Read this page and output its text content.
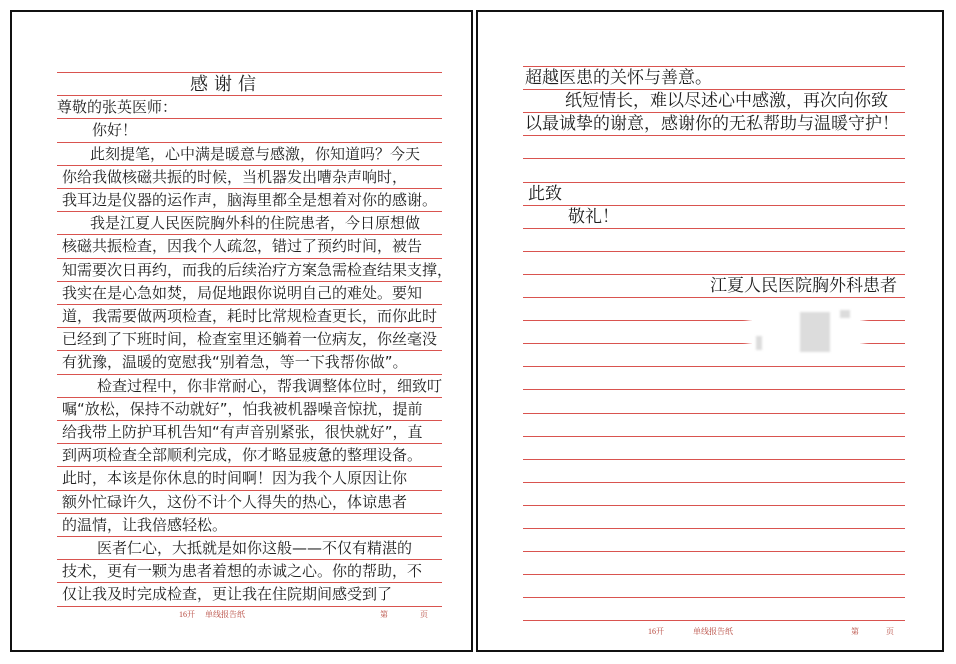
感谢信
尊敬的张英医师：
你好！
此刻提笔，心中满是暖意与感激，你知道吗？今天
你给我做核磁共振的时候，当机器发出嘈杂声响时，
我耳边是仪器的运作声，脑海里都全是想着对你的感谢。
我是江夏人民医院胸外科的住院患者，今日原想做
核磁共振检查，因我个人疏忽，错过了预约时间，被告
知需要次日再约，而我的后续治疗方案急需检查结果支撑，
我实在是心急如焚，局促地跟你说明自己的难处。要知
道，我需要做两项检查，耗时比常规检查更长，而你此时
已经到了下班时间，检查室里还躺着一位病友，你丝毫没
有犹豫，温暖的宽慰我“别着急，等一下我帮你做”。
检查过程中，你非常耐心，帮我调整体位时，细致叮
嘱“放松，保持不动就好”，怕我被机器噪音惊扰，提前
给我带上防护耳机告知“有声音别紧张，很快就好”，直
到两项检查全部顺利完成，你才略显疲惫的整理设备。
此时，本该是你休息的时间啊！因为我个人原因让你
额外忙碌许久，这份不计个人得失的热心，体谅患者
的温情，让我倍感轻松。
医者仁心，大抵就是如你这般——不仅有精湛的
技术，更有一颗为患者着想的赤诚之心。你的帮助，不
仅让我及时完成检查，更让我在住院期间感受到了
16开 单线报告纸	第	页
超越医患的关怀与善意。
纸短情长，难以尽述心中感激，再次向你致
以最诚挚的谢意，感谢你的无私帮助与温暖守护！
此致
敬礼！
江夏人民医院胸外科患者
16开	单线报告纸	第	页
